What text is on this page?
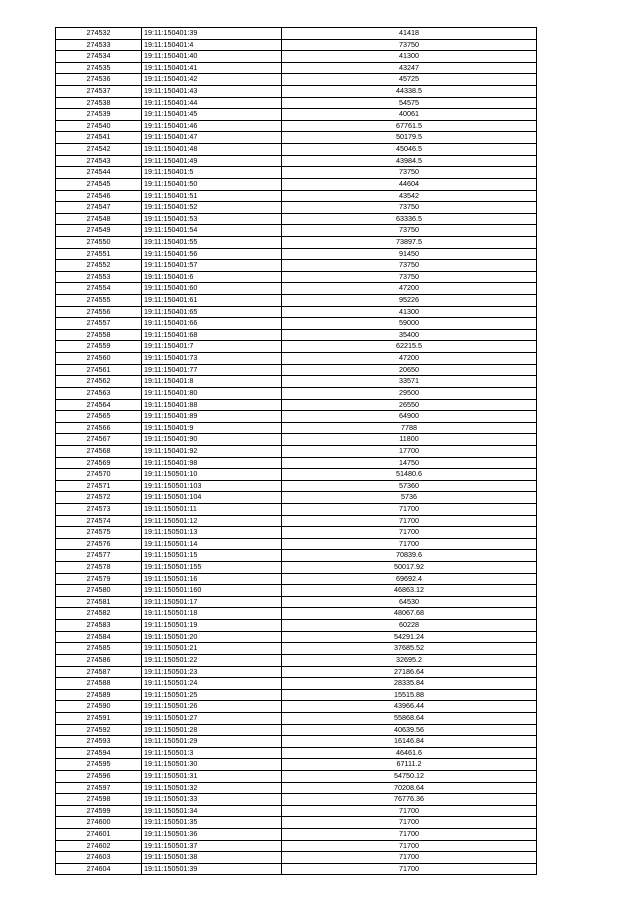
274532	19:11:150401:39	41418
274533	19:11:150401:4	73750
274534	19:11:150401:40	41300
274535	19:11:150401:41	43247
274536	19:11:150401:42	45725
274537	19:11:150401:43	44338.5
274538	19:11:150401:44	54575
274539	19:11:150401:45	40061
274540	19:11:150401:46	67761.5
274541	19:11:150401:47	50179.5
274542	19:11:150401:48	45046.5
274543	19:11:150401:49	43984.5
274544	19:11:150401:5	73750
274545	19:11:150401:50	44604
274546	19:11:150401:51	43542
274547	19:11:150401:52	73750
274548	19:11:150401:53	63336.5
274549	19:11:150401:54	73750
274550	19:11:150401:55	73897.5
274551	19:11:150401:56	91450
274552	19:11:150401:57	73750
274553	19:11:150401:6	73750
274554	19:11:150401:60	47200
274555	19:11:150401:61	95226
274556	19:11:150401:65	41300
274557	19:11:150401:66	59000
274558	19:11:150401:68	35400
274559	19:11:150401:7	62215.5
274560	19:11:150401:73	47200
274561	19:11:150401:77	20650
274562	19:11:150401:8	33571
274563	19:11:150401:80	29500
274564	19:11:150401:88	26550
274565	19:11:150401:89	64900
274566	19:11:150401:9	7788
274567	19:11:150401:90	11800
274568	19:11:150401:92	17700
274569	19:11:150401:98	14750
274570	19:11:150501:10	51480.6
274571	19:11:150501:103	57360
274572	19:11:150501:104	5736
274573	19:11:150501:11	71700
274574	19:11:150501:12	71700
274575	19:11:150501:13	71700
274576	19:11:150501:14	71700
274577	19:11:150501:15	70839.6
274578	19:11:150501:155	50017.92
274579	19:11:150501:16	69692.4
274580	19:11:150501:160	46863.12
274581	19:11:150501:17	64530
274582	19:11:150501:18	48067.68
274583	19:11:150501:19	60228
274584	19:11:150501:20	54291.24
274585	19:11:150501:21	37685.52
274586	19:11:150501:22	32695.2
274587	19:11:150501:23	27186.64
274588	19:11:150501:24	28335.84
274589	19:11:150501:25	15515.88
274590	19:11:150501:26	43966.44
274591	19:11:150501:27	55868.64
274592	19:11:150501:28	40639.56
274593	19:11:150501:29	16146.84
274594	19:11:150501:3	46461.6
274595	19:11:150501:30	67111.2
274596	19:11:150501:31	54750.12
274597	19:11:150501:32	70208.64
274598	19:11:150501:33	76776.36
274599	19:11:150501:34	71700
274600	19:11:150501:35	71700
274601	19:11:150501:36	71700
274602	19:11:150501:37	71700
274603	19:11:150501:38	71700
274604	19:11:150501:39	71700
